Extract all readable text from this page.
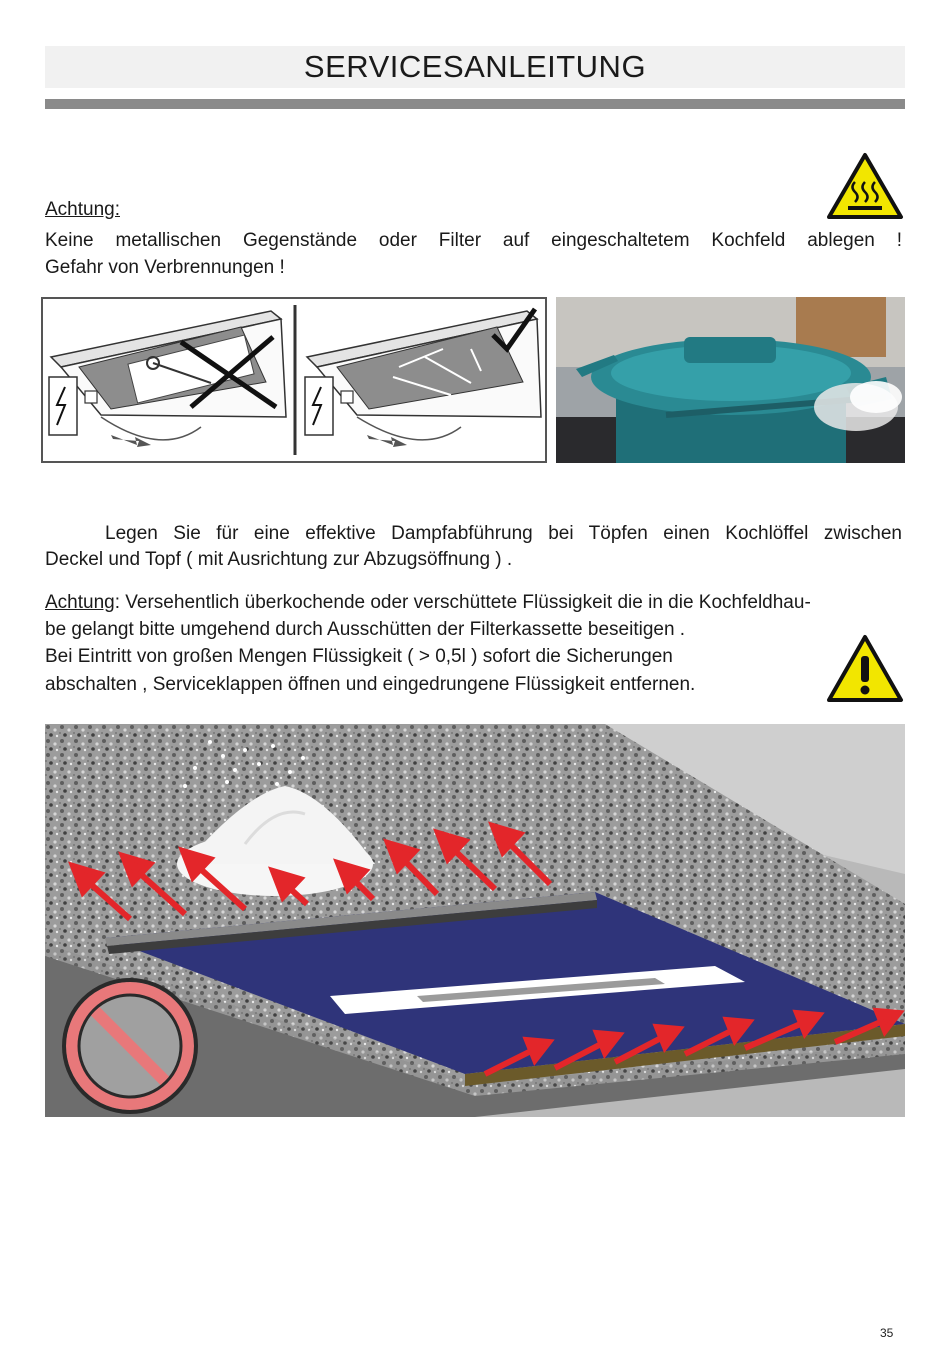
SERVICESANLEITUNG
Achtung:
Keine metallischen Gegenstände oder Filter auf eingeschaltetem Kochfeld ablegen !
Gefahr von Verbrennungen !
Legen Sie für eine effektive Dampfabführung bei Töpfen einen Kochlöffel zwischen
Deckel und Topf ( mit Ausrichtung zur Abzugsöffnung ) .
Achtung: Versehentlich überkochende oder verschüttete Flüssigkeit die in die Kochfeldhau-
be gelangt bitte umgehend durch Ausschütten der Filterkassette beseitigen .
Bei Eintritt von großen Mengen Flüssigkeit ( > 0,5l ) sofort die Sicherungen
abschalten , Serviceklappen öffnen und eingedrungene Flüssigkeit entfernen.
35
